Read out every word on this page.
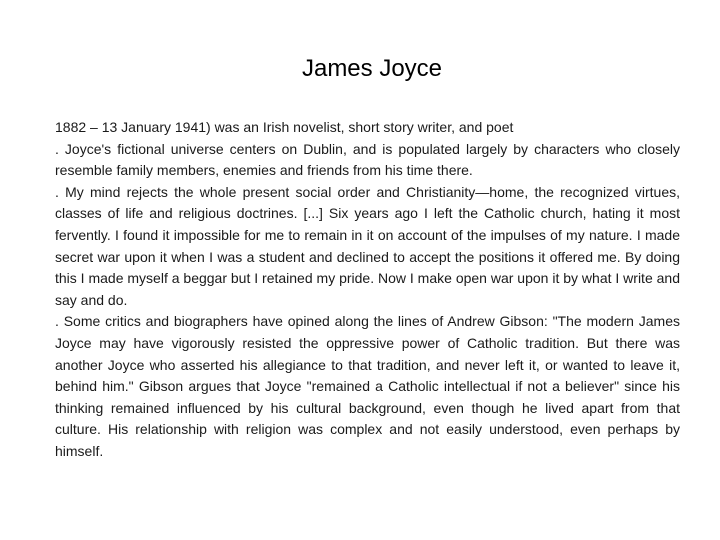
James Joyce

1882 – 13 January 1941) was an Irish novelist, short story writer, and poet

. Joyce's fictional universe centers on Dublin, and is populated largely by characters who closely resemble family members, enemies and friends from his time there.

. My mind rejects the whole present social order and Christianity—home, the recognized virtues, classes of life and religious doctrines. [...] Six years ago I left the Catholic church, hating it most fervently. I found it impossible for me to remain in it on account of the impulses of my nature. I made secret war upon it when I was a student and declined to accept the positions it offered me. By doing this I made myself a beggar but I retained my pride. Now I make open war upon it by what I write and say and do.

. Some critics and biographers have opined along the lines of Andrew Gibson: "The modern James Joyce may have vigorously resisted the oppressive power of Catholic tradition. But there was another Joyce who asserted his allegiance to that tradition, and never left it, or wanted to leave it, behind him." Gibson argues that Joyce "remained a Catholic intellectual if not a believer" since his thinking remained influenced by his cultural background, even though he lived apart from that culture. His relationship with religion was complex and not easily understood, even perhaps by himself.
